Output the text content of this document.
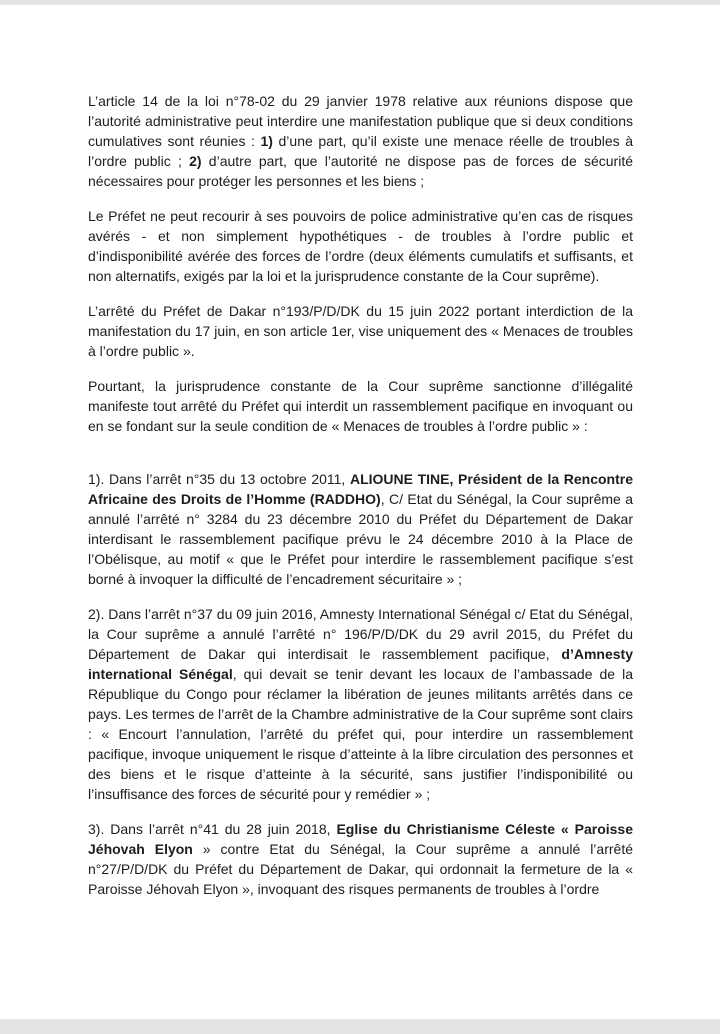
L’article 14 de la loi n°78-02 du 29 janvier 1978 relative aux réunions dispose que l’autorité administrative peut interdire une manifestation publique que si deux conditions cumulatives sont réunies : 1) d’une part, qu’il existe une menace réelle de troubles à l’ordre public ; 2) d’autre part, que l’autorité ne dispose pas de forces de sécurité nécessaires pour protéger les personnes et les biens ;

Le Préfet ne peut recourir à ses pouvoirs de police administrative qu’en cas de risques avérés - et non simplement hypothétiques - de troubles à l’ordre public et d’indisponibilité avérée des forces de l’ordre (deux éléments cumulatifs et suffisants, et non alternatifs, exigés par la loi et la jurisprudence constante de la Cour suprême).

L’arrêté du Préfet de Dakar n°193/P/D/DK du 15 juin 2022 portant interdiction de la manifestation du 17 juin, en son article 1er, vise uniquement des « Menaces de troubles à l’ordre public ».

Pourtant, la jurisprudence constante de la Cour suprême sanctionne d’illégalité manifeste tout arrêté du Préfet qui interdit un rassemblement pacifique en invoquant ou en se fondant sur la seule condition de « Menaces de troubles à l’ordre public » :

1). Dans l’arrêt n°35 du 13 octobre 2011, ALIOUNE TINE, Président de la Rencontre Africaine des Droits de l’Homme (RADDHO), C/ Etat du Sénégal, la Cour suprême a annulé l’arrêté n° 3284 du 23 décembre 2010 du Préfet du Département de Dakar interdisant le rassemblement pacifique prévu le 24 décembre 2010 à la Place de l’Obélisque, au motif « que le Préfet pour interdire le rassemblement pacifique s’est borné à invoquer la difficulté de l’encadrement sécuritaire » ;

2). Dans l’arrêt n°37 du 09 juin 2016, Amnesty International Sénégal c/ Etat du Sénégal, la Cour suprême a annulé l’arrêté n° 196/P/D/DK du 29 avril 2015, du Préfet du Département de Dakar qui interdisait le rassemblement pacifique, d’Amnesty international Sénégal, qui devait se tenir devant les locaux de l’ambassade de la République du Congo pour réclamer la libération de jeunes militants arrêtés dans ce pays. Les termes de l’arrêt de la Chambre administrative de la Cour suprême sont clairs : « Encourt l’annulation, l’arrêté du préfet qui, pour interdire un rassemblement pacifique, invoque uniquement le risque d’atteinte à la libre circulation des personnes et des biens et le risque d’atteinte à la sécurité, sans justifier l’indisponibilité ou l’insuffisance des forces de sécurité pour y remédier » ;

3). Dans l’arrêt n°41 du 28 juin 2018, Eglise du Christianisme Céleste « Paroisse Jéhovah Elyon » contre Etat du Sénégal, la Cour suprême a annulé l’arrêté n°27/P/D/DK du Préfet du Département de Dakar, qui ordonnait la fermeture de la « Paroisse Jéhovah Elyon », invoquant des risques permanents de troubles à l’ordre
